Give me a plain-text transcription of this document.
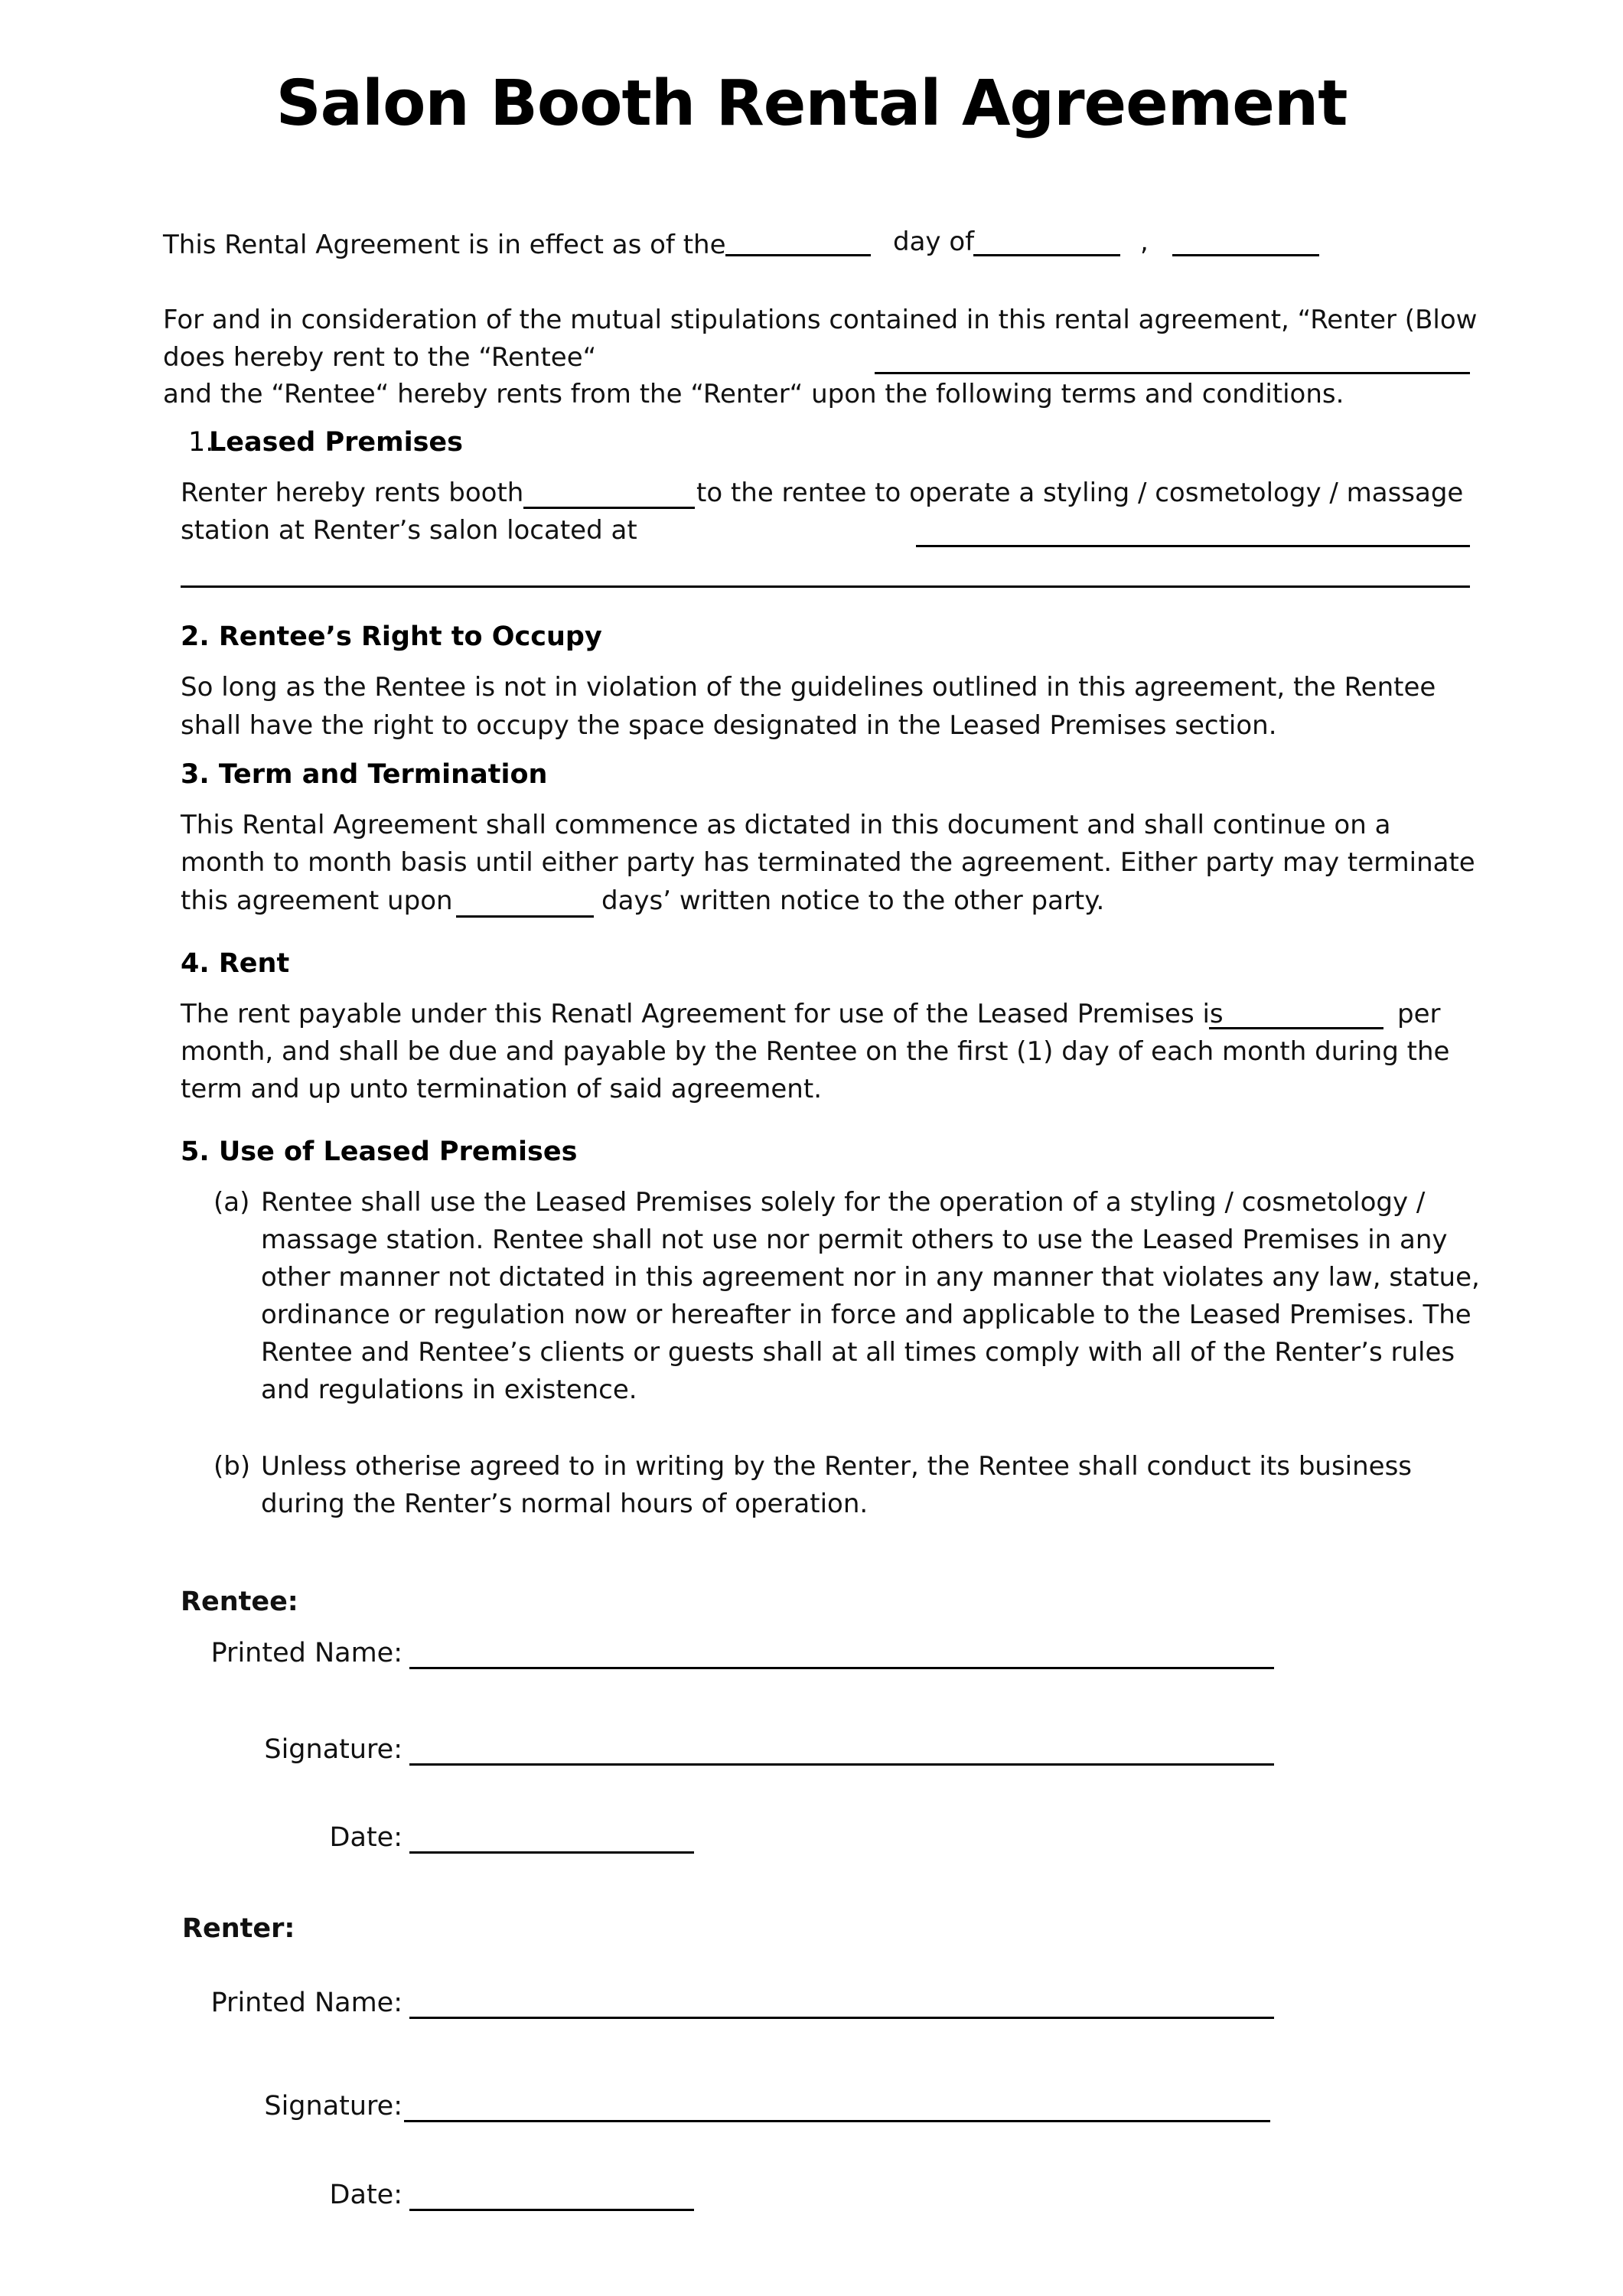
Salon Booth Rental Agreement
This Rental Agreement is in effect as of the	day of	,
For and in consideration of the mutual stipulations contained in this rental agreement, “Renter (Blow
does hereby rent to the “Rentee“
and the “Rentee“ hereby rents from the “Renter“ upon the following terms and conditions.
1.
Leased Premises
Renter hereby rents booth	to the rentee to operate a styling / cosmetology / massage
station at Renter’s salon located at
2. Rentee’s Right to Occupy
So long as the Rentee is not in violation of the guidelines outlined in this agreement, the Rentee
shall have the right to occupy the space designated in the Leased Premises section.
3. Term and Termination
This Rental Agreement shall commence as dictated in this document and shall continue on a
month to month basis until either party has terminated the agreement. Either party may terminate
this agreement upon	days’ written notice to the other party.
4. Rent
The rent payable under this Renatl Agreement for use of the Leased Premises is	per
month, and shall be due and payable by the Rentee on the first (1) day of each month during the
term and up unto termination of said agreement.
5. Use of Leased Premises
(a) Rentee shall use the Leased Premises solely for the operation of a styling / cosmetology /
massage station. Rentee shall not use nor permit others to use the Leased Premises in any
other manner not dictated in this agreement nor in any manner that violates any law, statue,
ordinance or regulation now or hereafter in force and applicable to the Leased Premises. The
Rentee and Rentee’s clients or guests shall at all times comply with all of the Renter’s rules
and regulations in existence.
(b) Unless otherise agreed to in writing by the Renter, the Rentee shall conduct its business
during the Renter’s normal hours of operation.
Rentee:
Printed Name:
Signature:
Date:
Renter:
Printed Name:
Signature:
Date:
